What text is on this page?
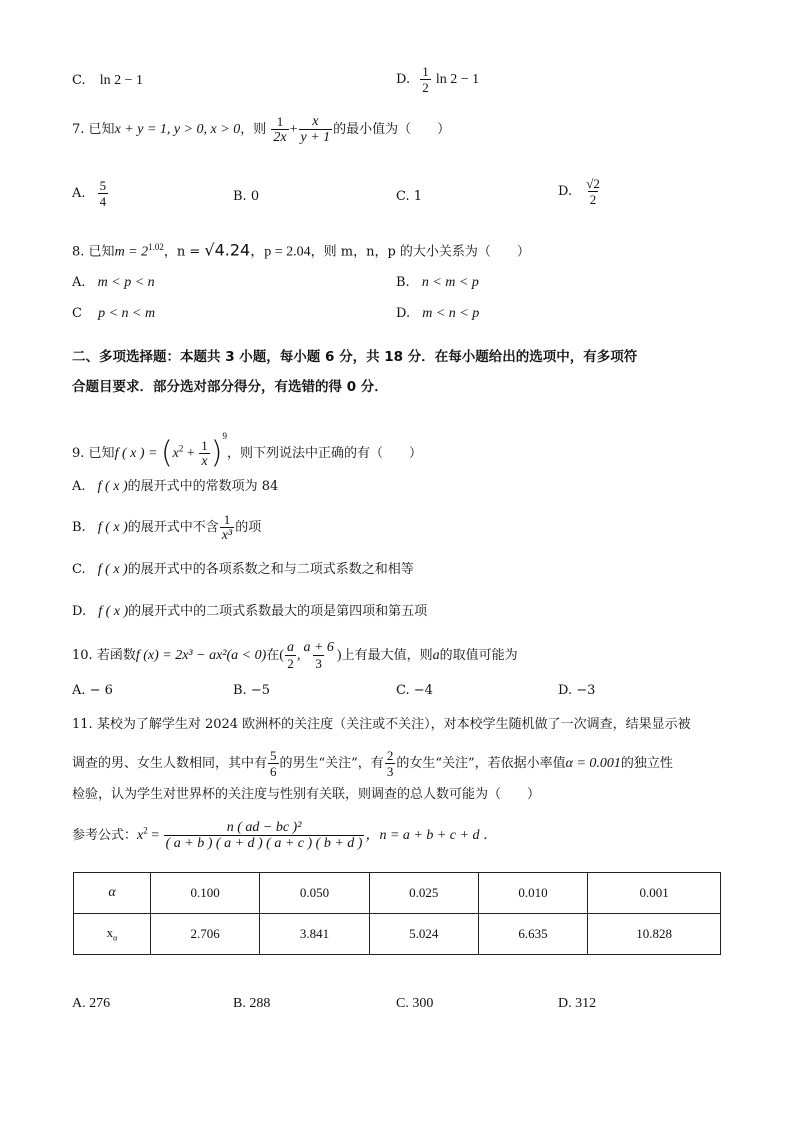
C. ln 2 − 1	D. $\frac{1}{2}$ ln 2 − 1
7. 已知x + y = 1, y > 0, x > 0，则 $\frac{1}{2x} + \frac{x}{y + 1}$ 的最小值为（　　）
A. $\frac{5}{4}$	B. 0	C. 1	D. $\frac{√2}{2}$
8. 已知$m = 2^{1.02}$，n = √4.24，p = 2.04，则 m，n，p 的大小关系为（　　）
A. m < p < n	B. n < m < p
C p < n < m	D. m < n < p
二、多项选择题：本题共 3 小题，每小题 6 分，共 18 分．在每小题给出的选项中，有多项符
合题目要求．部分选对部分得分，有选错的得 0 分．
9. 已知f ( x ) = $(x^2 + \frac{1}{x} )^9$，则下列说法中正确的有（　　）
A. f ( x )的展开式中的常数项为 84
B. f ( x )的展开式中不含 $\frac{1}{\text{x³}}$ 的项
C. f ( x )的展开式中的各项系数之和与二项式系数之和相等
D. f ( x )的展开式中的二项式系数最大的项是第四项和第五项
10. 若函数f (x) = 2x³ − ax²(a < 0)在( $\frac{a}{2}$ , $\frac{a + 6}{3}$ )上有最大值，则a的取值可能为
A. − 6	B. −5	C. −4	D. −3
11. 某校为了解学生对 2024 欧洲杯的关注度（关注或不关注），对本校学生随机做了一次调查，结果显示被
调查的男、女生人数相同，其中有 $\frac{5}{6}$ 的男生“关注”，有 $\frac{2}{3}$ 的女生“关注”，若依据小率值α = 0.001的独立性
检验，认为学生对世界杯的关注度与性别有关联，则调查的总人数可能为（　　）
参考公式：$x^2 = \frac{\text{n ( ad − bc )²}}{( a + b ) ( a + d ) ( a + c ) ( b + d )}$ ，n = a + b + c + d ．
α	0.100	0.050	0.025	0.010	0.001
$x_\alpha$	2.706	3.841	5.024	6.635	10.828
A. 276	B. 288	C. 300	D. 312
